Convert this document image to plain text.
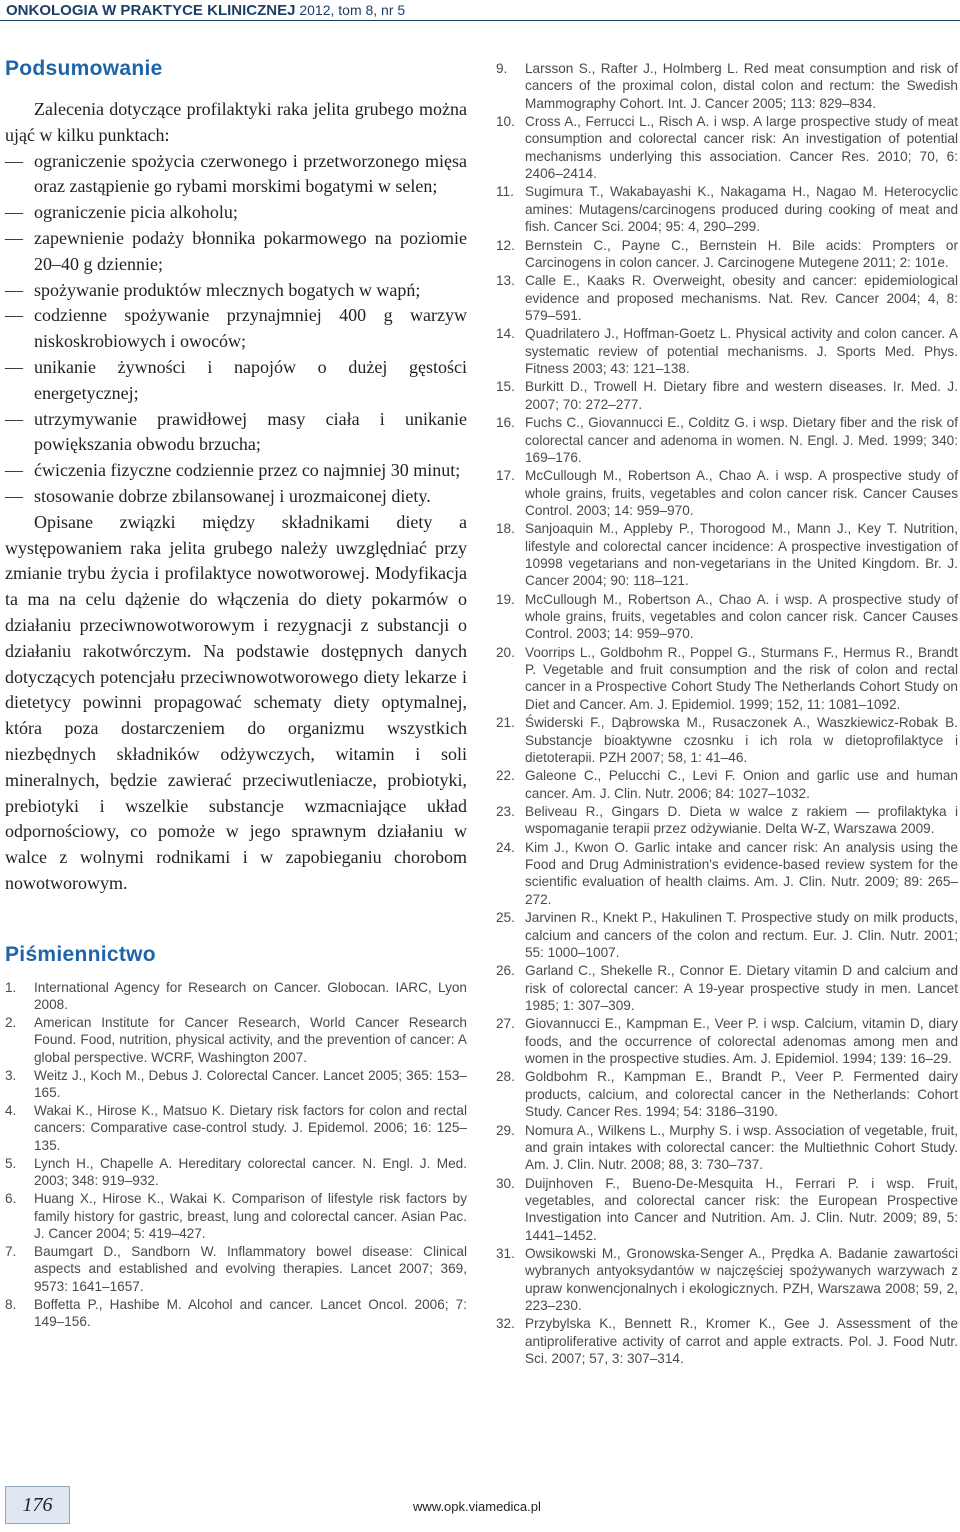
ONKOLOGIA W PRAKTYCE KLINICZNEJ 2012, tom 8, nr 5
Podsumowanie

Zalecenia dotyczące profilaktyki raka jelita grubego można ująć w kilku punktach:

— ograniczenie spożycia czerwonego i przetworzonego mięsa oraz zastąpienie go rybami morskimi bogatymi w selen;
— ograniczenie picia alkoholu;
— zapewnienie podaży błonnika pokarmowego na poziomie 20–40 g dziennie;
— spożywanie produktów mlecznych bogatych w wapń;
— codzienne spożywanie przynajmniej 400 g warzyw niskoskrobiowych i owoców;
— unikanie żywności i napojów o dużej gęstości energetycznej;
— utrzymywanie prawidłowej masy ciała i unikanie powiększania obwodu brzucha;
— ćwiczenia fizyczne codziennie przez co najmniej 30 minut;
— stosowanie dobrze zbilansowanej i urozmaiconej diety.

Opisane związki między składnikami diety a występowaniem raka jelita grubego należy uwzględniać przy zmianie trybu życia i profilaktyce nowotworowej. Modyfikacja ta ma na celu dążenie do włączenia do diety pokarmów o działaniu przeciwnowotworowym i rezygnacji z substancji o działaniu rakotwórczym. Na podstawie dostępnych danych dotyczących potencjału przeciwnowotworowego diety lekarze i dietetycy powinni propagować schematy diety optymalnej, która poza dostarczeniem do organizmu wszystkich niezbędnych składników odżywczych, witamin i soli mineralnych, będzie zawierać przeciwutleniacze, probiotyki, prebiotyki i wszelkie substancje wzmacniające układ odpornościowy, co pomoże w jego sprawnym działaniu w walce z wolnymi rodnikami i w zapobieganiu chorobom nowotworowym.

Piśmiennictwo
1.	International Agency for Research on Cancer. Globocan. IARC, Lyon 2008.
2.	American Institute for Cancer Research, World Cancer Research Found. Food, nutrition, physical activity, and the prevention of cancer: A global perspective. WCRF, Washington 2007.
3.	Weitz J., Koch M., Debus J. Colorectal Cancer. Lancet 2005; 365: 153–165.
4.	Wakai K., Hirose K., Matsuo K. Dietary risk factors for colon and rectal cancers: Comparative case-control study. J. Epidemol. 2006; 16: 125–135.
5.	Lynch H., Chapelle A. Hereditary colorectal cancer. N. Engl. J. Med. 2003; 348: 919–932.
6.	Huang X., Hirose K., Wakai K. Comparison of lifestyle risk factors by family history for gastric, breast, lung and colorectal cancer. Asian Pac. J. Cancer 2004; 5: 419–427.
7.	Baumgart D., Sandborn W. Inflammatory bowel disease: Clinical aspects and established and evolving therapies. Lancet 2007; 369, 9573: 1641–1657.
8.	Boffetta P., Hashibe M. Alcohol and cancer. Lancet Oncol. 2006; 7: 149–156.
9.	Larsson S., Rafter J., Holmberg L. Red meat consumption and risk of cancers of the proximal colon, distal colon and rectum: the Swedish Mammography Cohort. Int. J. Cancer 2005; 113: 829–834.
10. Cross A., Ferrucci L., Risch A. i wsp. A large prospective study of meat consumption and colorectal cancer risk: An investigation of potential mechanisms underlying this association. Cancer Res. 2010; 70, 6: 2406–2414.
11. Sugimura T., Wakabayashi K., Nakagama H., Nagao M. Heterocyclic amines: Mutagens/carcinogens produced during cooking of meat and fish. Cancer Sci. 2004; 95: 4, 290–299.
12. Bernstein C., Payne C., Bernstein H. Bile acids: Prompters or Carcinogens in colon cancer. J. Carcinogene Mutegene 2011; 2: 101e.
13. Calle E., Kaaks R. Overweight, obesity and cancer: epidemiological evidence and proposed mechanisms. Nat. Rev. Cancer 2004; 4, 8: 579–591.
14. Quadrilatero J., Hoffman-Goetz L. Physical activity and colon cancer. A systematic review of potential mechanisms. J. Sports Med. Phys. Fitness 2003; 43: 121–138.
15. Burkitt D., Trowell H. Dietary fibre and western diseases. Ir. Med. J. 2007; 70: 272–277.
16. Fuchs C., Giovannucci E., Colditz G. i wsp. Dietary fiber and the risk of colorectal cancer and adenoma in women. N. Engl. J. Med. 1999; 340: 169–176.
17. McCullough M., Robertson A., Chao A. i wsp. A prospective study of whole grains, fruits, vegetables and colon cancer risk. Cancer Causes Control. 2003; 14: 959–970.
18. Sanjoaquin M., Appleby P., Thorogood M., Mann J., Key T. Nutrition, lifestyle and colorectal cancer incidence: A prospective investigation of 10998 vegetarians and non-vegetarians in the United Kingdom. Br. J. Cancer 2004; 90: 118–121.
19. McCullough M., Robertson A., Chao A. i wsp. A prospective study of whole grains, fruits, vegetables and colon cancer risk. Cancer Causes Control. 2003; 14: 959–970.
20. Voorrips L., Goldbohm R., Poppel G., Sturmans F., Hermus R., Brandt P. Vegetable and fruit consumption and the risk of colon and rectal cancer in a Prospective Cohort Study The Netherlands Cohort Study on Diet and Cancer. Am. J. Epidemiol. 1999; 152, 11: 1081–1092.
21. Świderski F., Dąbrowska M., Rusaczonek A., Waszkiewicz-Robak B. Substancje bioaktywne czosnku i ich rola w dietoprofilaktyce i dietoterapii. PZH 2007; 58, 1: 41–46.
22. Galeone C., Pelucchi C., Levi F. Onion and garlic use and human cancer. Am. J. Clin. Nutr. 2006; 84: 1027–1032.
23. Beliveau R., Gingars D. Dieta w walce z rakiem — profilaktyka i wspomaganie terapii przez odżywianie. Delta W-Z, Warszawa 2009.
24. Kim J., Kwon O. Garlic intake and cancer risk: An analysis using the Food and Drug Administration's evidence-based review system for the scientific evaluation of health claims. Am. J. Clin. Nutr. 2009; 89: 265–272.
25. Jarvinen R., Knekt P., Hakulinen T. Prospective study on milk products, calcium and cancers of the colon and rectum. Eur. J. Clin. Nutr. 2001; 55: 1000–1007.
26. Garland C., Shekelle R., Connor E. Dietary vitamin D and calcium and risk of colorectal cancer: A 19-year prospective study in men. Lancet 1985; 1: 307–309.
27. Giovannucci E., Kampman E., Veer P. i wsp. Calcium, vitamin D, diary foods, and the occurrence of colorectal adenomas among men and women in the prospective studies. Am. J. Epidemiol. 1994; 139: 16–29.
28. Goldbohm R., Kampman E., Brandt P., Veer P. Fermented dairy products, calcium, and colorectal cancer in the Netherlands: Cohort Study. Cancer Res. 1994; 54: 3186–3190.
29. Nomura A., Wilkens L., Murphy S. i wsp. Association of vegetable, fruit, and grain intakes with colorectal cancer: the Multiethnic Cohort Study. Am. J. Clin. Nutr. 2008; 88, 3: 730–737.
30. Duijnhoven F., Bueno-De-Mesquita H., Ferrari P. i wsp. Fruit, vegetables, and colorectal cancer risk: the European Prospective Investigation into Cancer and Nutrition. Am. J. Clin. Nutr. 2009; 89, 5: 1441–1452.
31. Owsikowski M., Gronowska-Senger A., Prędka A. Badanie zawartości wybranych antyoksydantów w najczęściej spożywanych warzywach z upraw konwencjonalnych i ekologicznych. PZH, Warszawa 2008; 59, 2, 223–230.
32. Przybylska K., Bennett R., Kromer K., Gee J. Assessment of the antiproliferative activity of carrot and apple extracts. Pol. J. Food Nutr. Sci. 2007; 57, 3: 307–314.
176	www.opk.viamedica.pl
